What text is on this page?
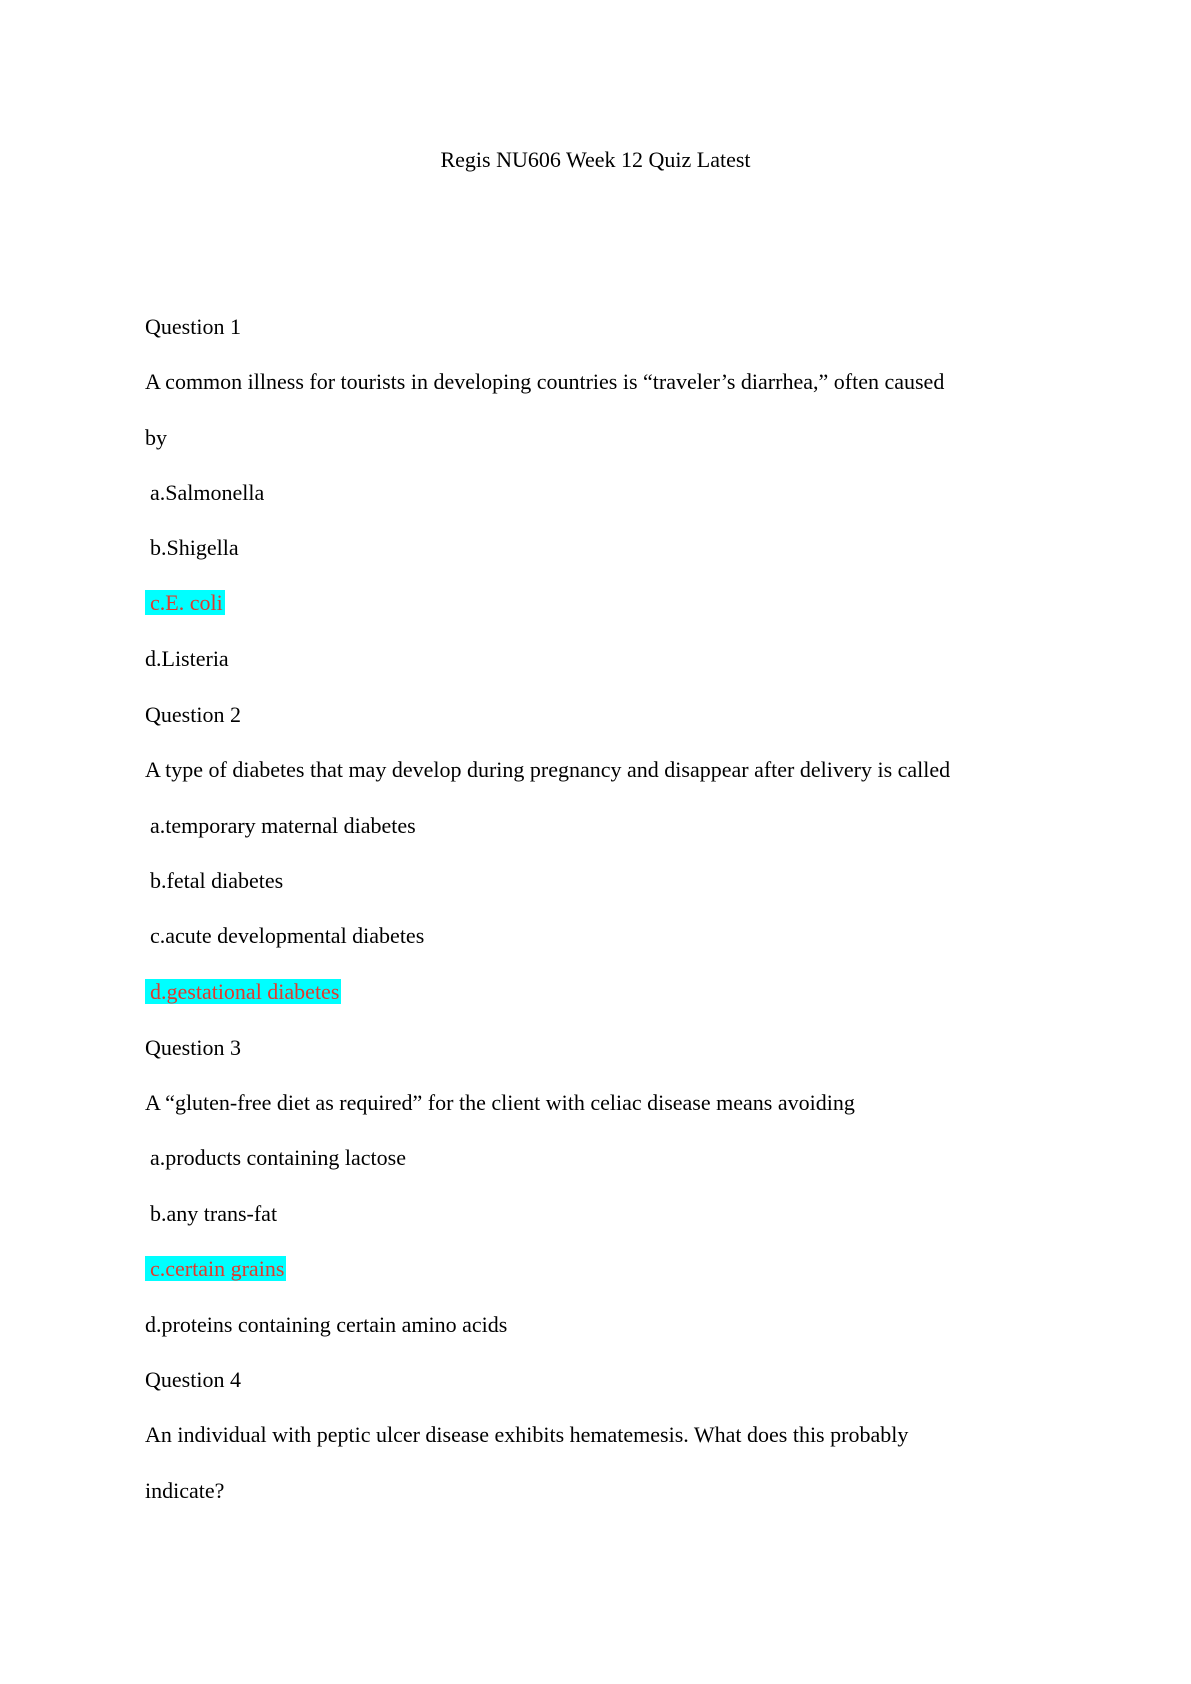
Regis NU606 Week 12 Quiz Latest

Question 1

A common illness for tourists in developing countries is “traveler’s diarrhea,” often caused

by

a.Salmonella

b.Shigella

c.E. coli

d.Listeria

Question 2

A type of diabetes that may develop during pregnancy and disappear after delivery is called

a.temporary maternal diabetes

b.fetal diabetes

c.acute developmental diabetes

d.gestational diabetes

Question 3

A “gluten-free diet as required” for the client with celiac disease means avoiding

a.products containing lactose

b.any trans-fat

c.certain grains

d.proteins containing certain amino acids

Question 4

An individual with peptic ulcer disease exhibits hematemesis. What does this probably

indicate?
